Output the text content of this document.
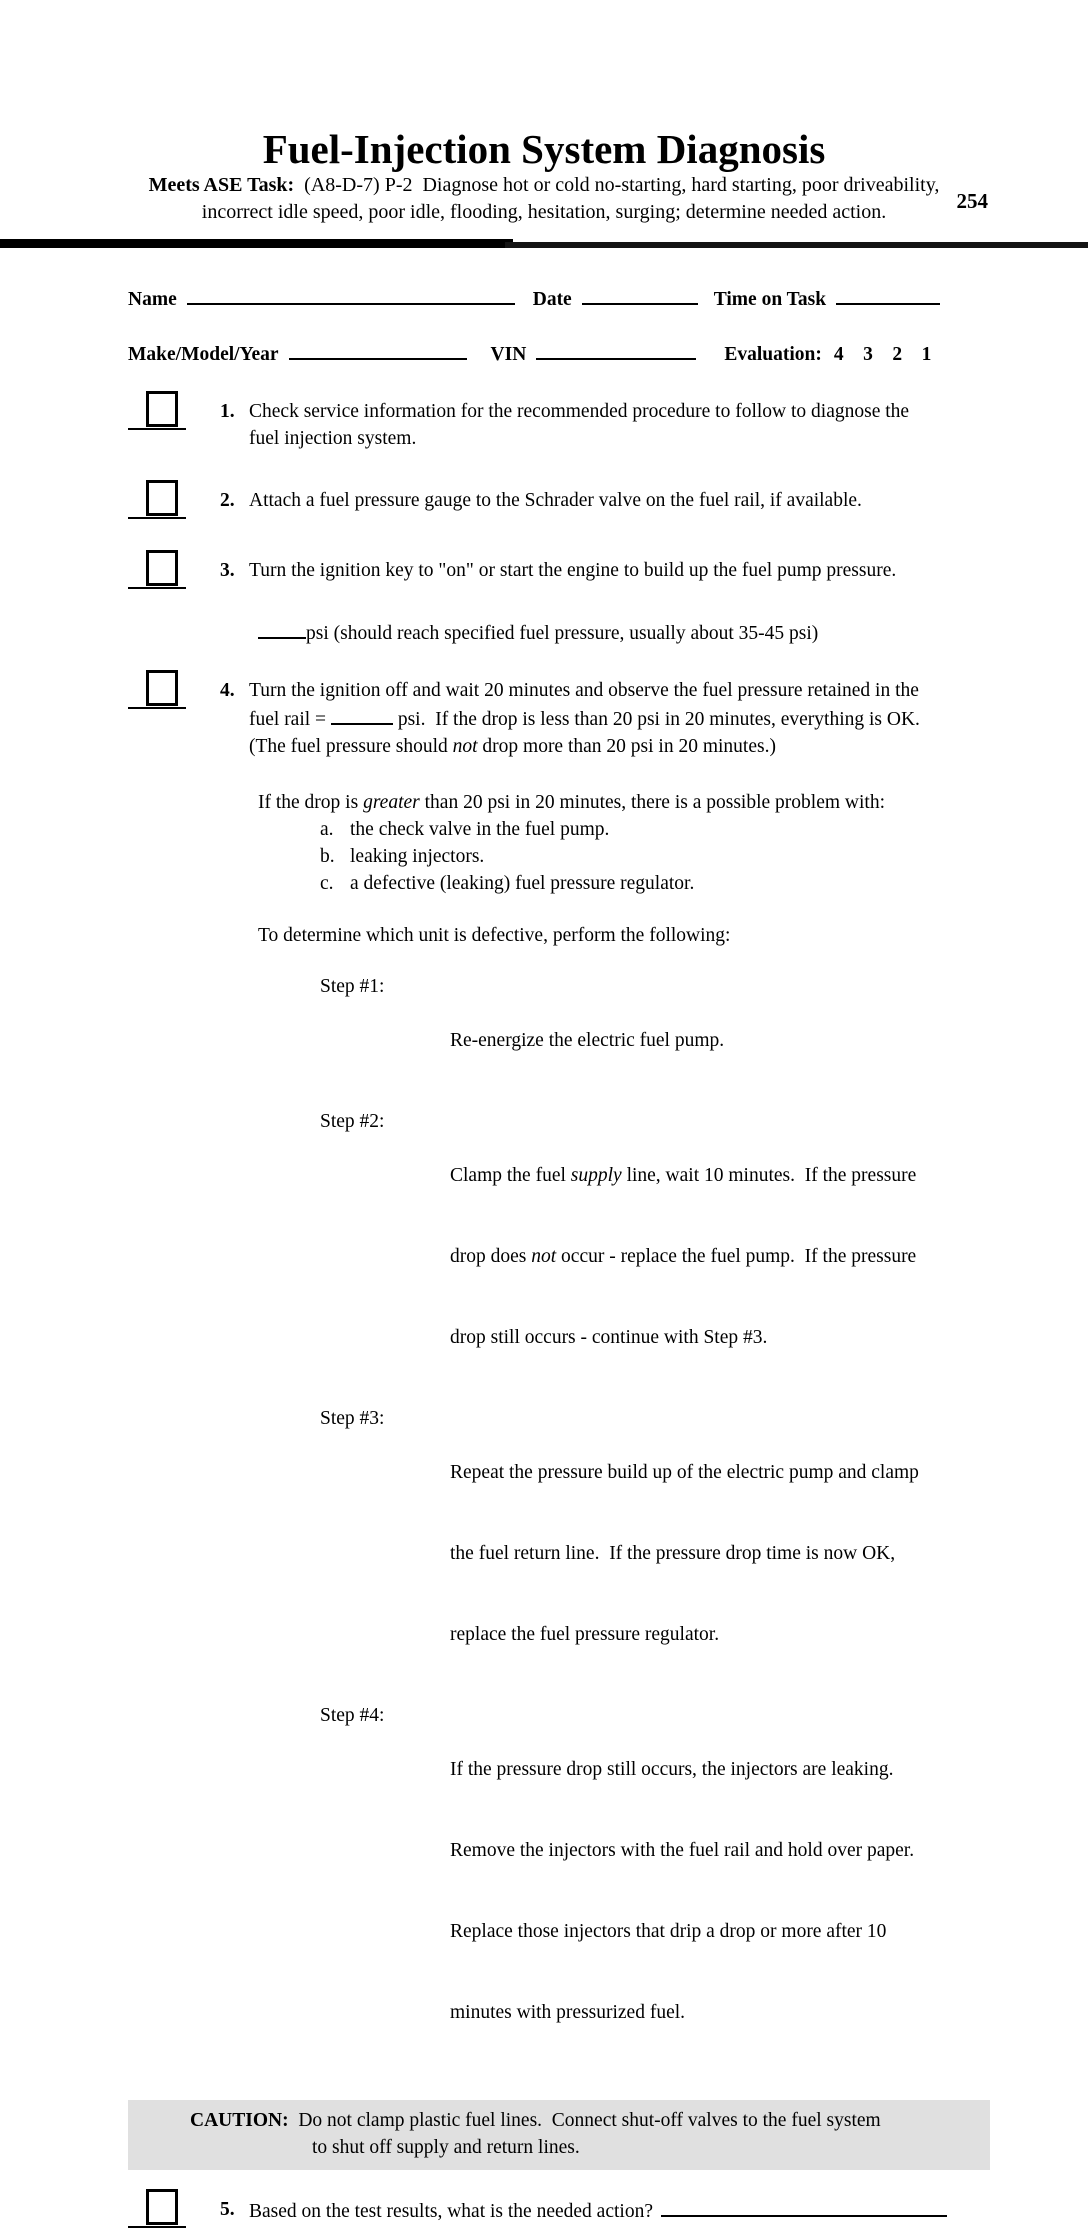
254
Fuel-Injection System Diagnosis
Meets ASE Task:  (A8-D-7) P-2  Diagnose hot or cold no-starting, hard starting, poor driveability,
incorrect idle speed, poor idle, flooding, hesitation, surging; determine needed action.
Name	Date	Time on Task
Make/Model/Year	VIN	Evaluation: 4    3    2    1
1. Check service information for the recommended procedure to follow to diagnose the
fuel injection system.
2. Attach a fuel pressure gauge to the Schrader valve on the fuel rail, if available.
3. Turn the ignition key to "on" or start the engine to build up the fuel pump pressure.
psi (should reach specified fuel pressure, usually about 35-45 psi)
4. Turn the ignition off and wait 20 minutes and observe the fuel pressure retained in the
fuel rail =	psi.  If the drop is less than 20 psi in 20 minutes, everything is OK.
(The fuel pressure should not drop more than 20 psi in 20 minutes.)
If the drop is greater than 20 psi in 20 minutes, there is a possible problem with:
a. the check valve in the fuel pump.
b. leaking injectors.
c. a defective (leaking) fuel pressure regulator.
To determine which unit is defective, perform the following:
Step #1:

Re-energize the electric fuel pump.

Step #2:

Clamp the fuel supply line, wait 10 minutes.  If the pressure

drop does not occur - replace the fuel pump.  If the pressure

drop still occurs - continue with Step #3.

Step #3:

Repeat the pressure build up of the electric pump and clamp

the fuel return line.  If the pressure drop time is now OK,

replace the fuel pressure regulator.

Step #4:

If the pressure drop still occurs, the injectors are leaking.

Remove the injectors with the fuel rail and hold over paper.

Replace those injectors that drip a drop or more after 10

minutes with pressurized fuel.

CAUTION:  Do not clamp plastic fuel lines.  Connect shut-off valves to the fuel system
to shut off supply and return lines.
5. Based on the test results, what is the needed action?
